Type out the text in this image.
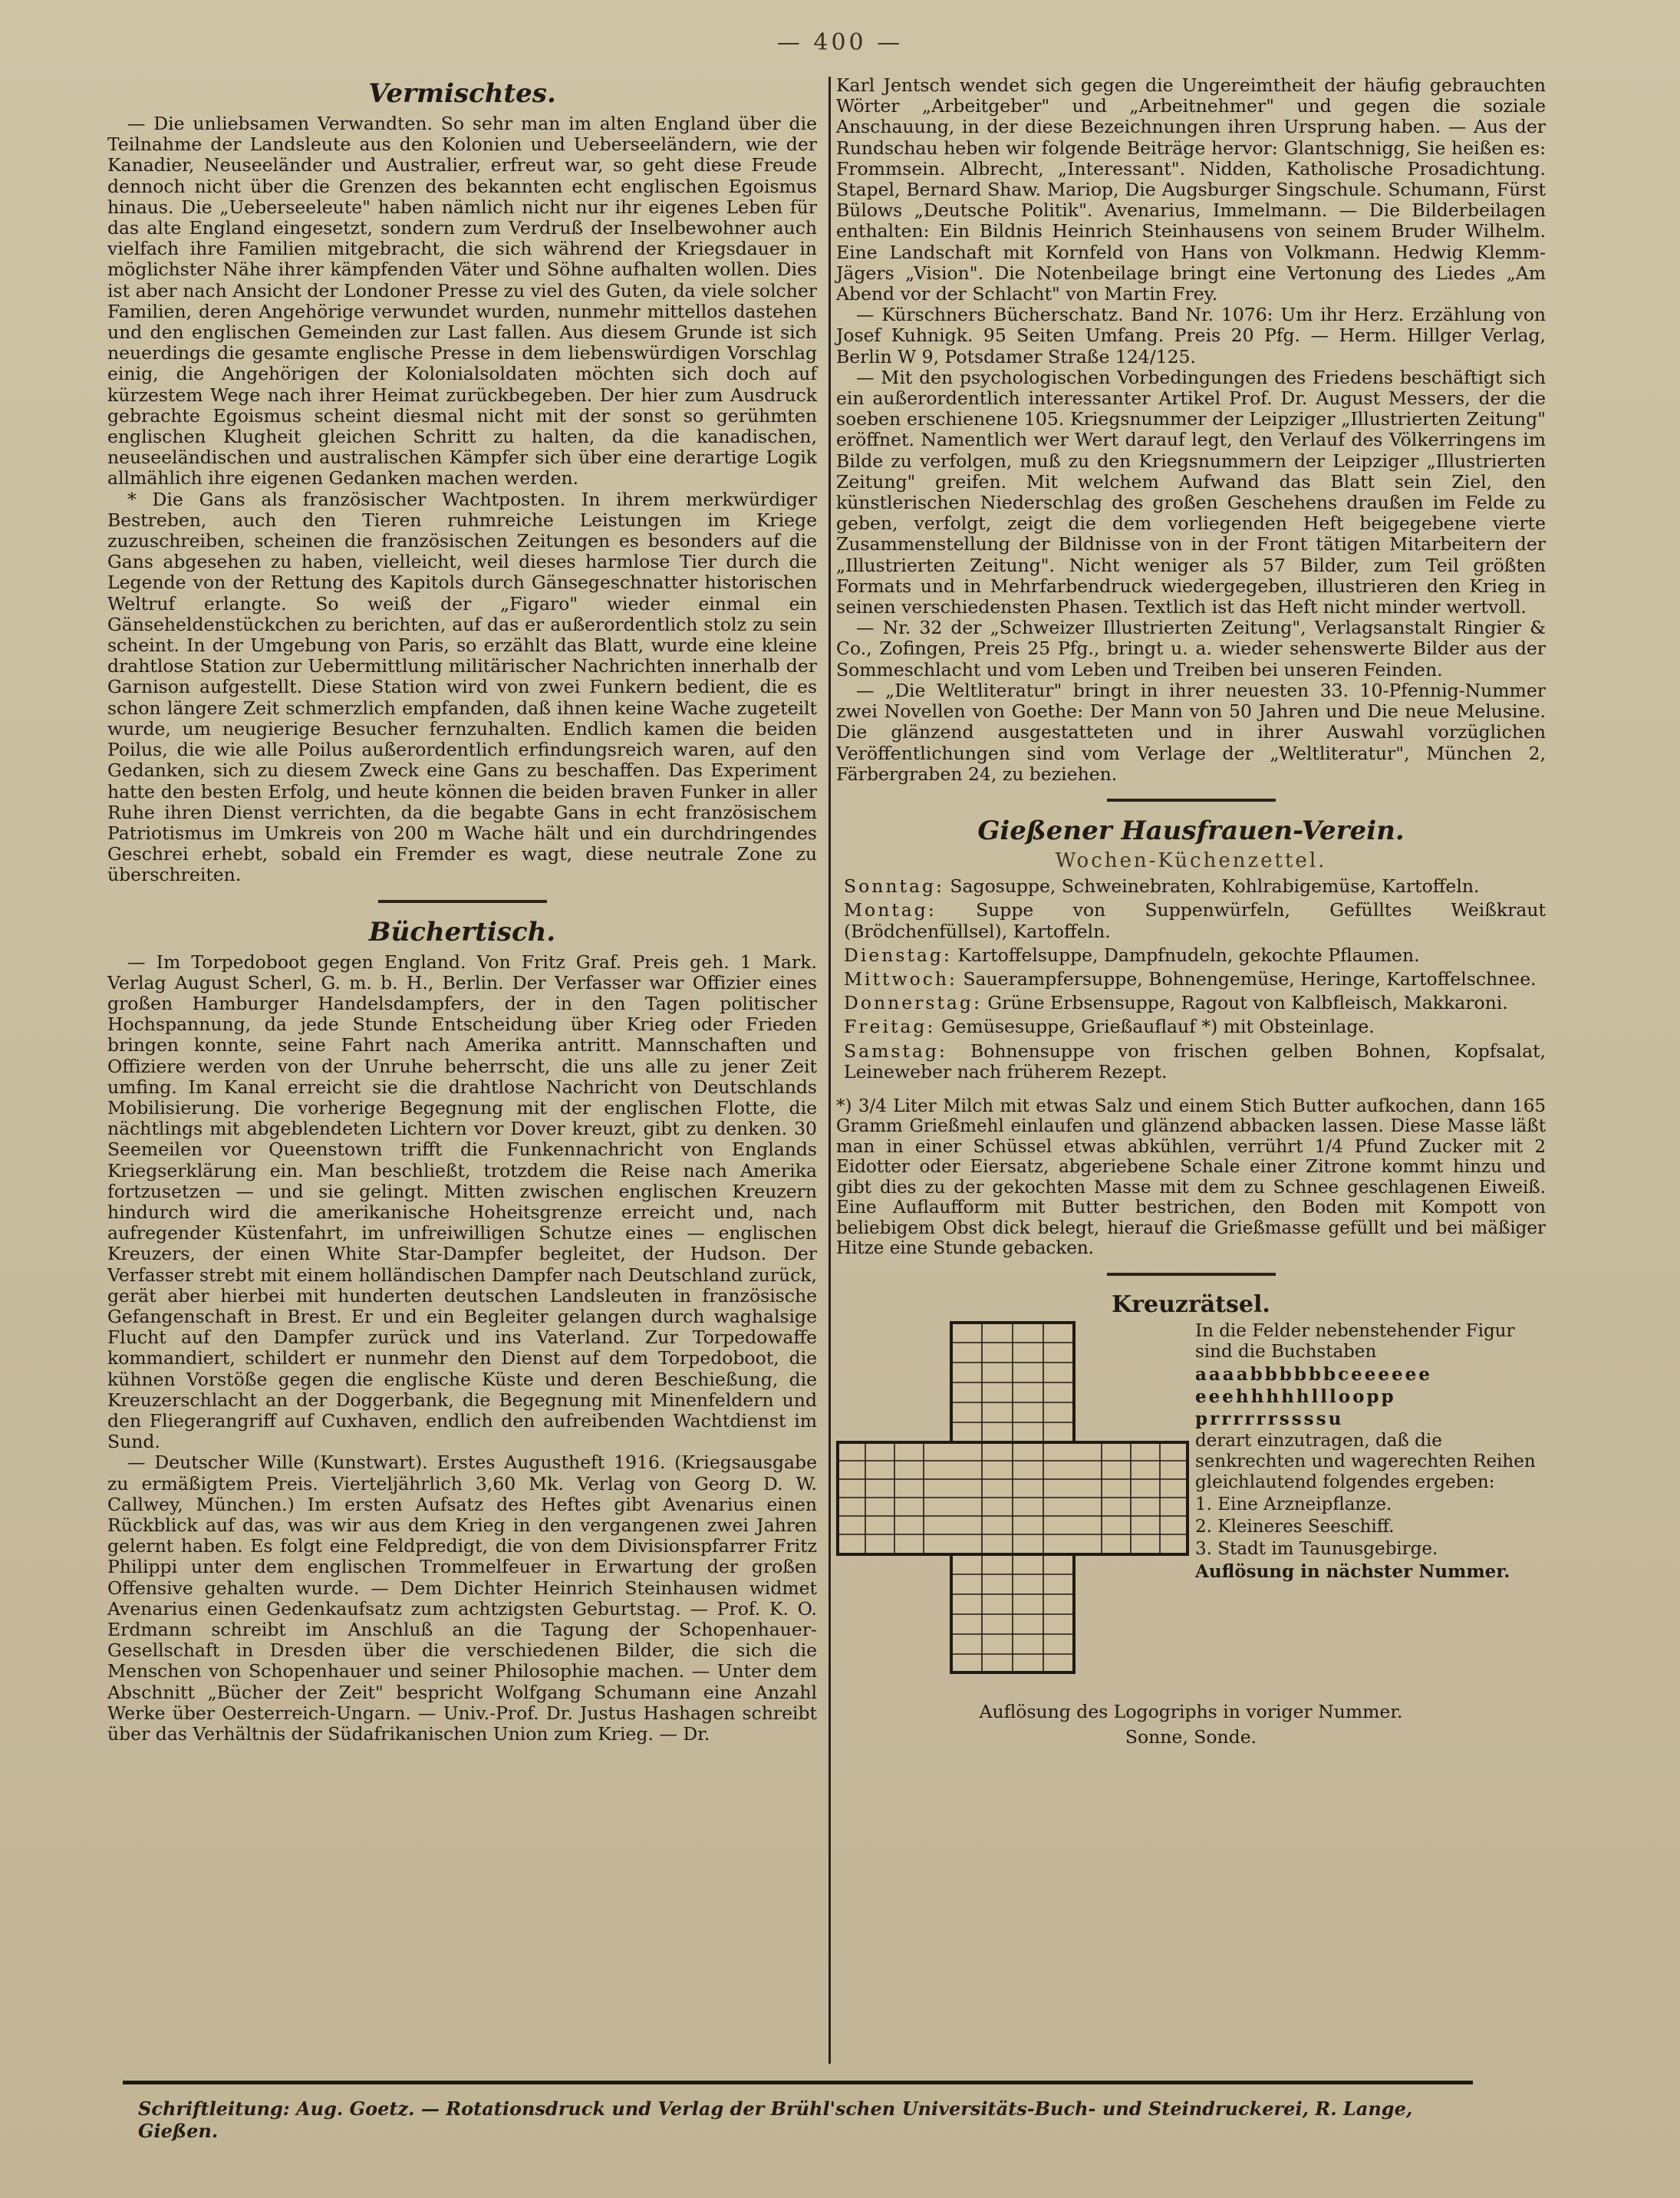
— 400 —
Vermischtes.

— Die unliebsamen Verwandten. So sehr man im alten England über die Teilnahme der Landsleute aus den Kolonien und Ueberseeländern, wie der Kanadier, Neuseeländer und Australier, erfreut war, so geht diese Freude dennoch nicht über die Grenzen des bekannten echt englischen Egoismus hinaus. Die „Ueberseeleute" haben nämlich nicht nur ihr eigenes Leben für das alte England eingesetzt, sondern zum Verdruß der Inselbewohner auch vielfach ihre Familien mitgebracht, die sich während der Kriegsdauer in möglichster Nähe ihrer kämpfenden Väter und Söhne aufhalten wollen. Dies ist aber nach Ansicht der Londoner Presse zu viel des Guten, da viele solcher Familien, deren Angehörige verwundet wurden, nunmehr mittellos dastehen und den englischen Gemeinden zur Last fallen. Aus diesem Grunde ist sich neuerdings die gesamte englische Presse in dem liebenswürdigen Vorschlag einig, die Angehörigen der Kolonialsoldaten möchten sich doch auf kürzestem Wege nach ihrer Heimat zurückbegeben. Der hier zum Ausdruck gebrachte Egoismus scheint diesmal nicht mit der sonst so gerühmten englischen Klugheit gleichen Schritt zu halten, da die kanadischen, neuseeländischen und australischen Kämpfer sich über eine derartige Logik allmählich ihre eigenen Gedanken machen werden.

* Die Gans als französischer Wachtposten. In ihrem merkwürdiger Bestreben, auch den Tieren ruhmreiche Leistungen im Kriege zuzuschreiben, scheinen die französischen Zeitungen es besonders auf die Gans abgesehen zu haben, vielleicht, weil dieses harmlose Tier durch die Legende von der Rettung des Kapitols durch Gänsegeschnatter historischen Weltruf erlangte. So weiß der „Figaro" wieder einmal ein Gänseheldenstückchen zu berichten, auf das er außerordentlich stolz zu sein scheint. In der Umgebung von Paris, so erzählt das Blatt, wurde eine kleine drahtlose Station zur Uebermittlung militärischer Nachrichten innerhalb der Garnison aufgestellt. Diese Station wird von zwei Funkern bedient, die es schon längere Zeit schmerzlich empfanden, daß ihnen keine Wache zugeteilt wurde, um neugierige Besucher fernzuhalten. Endlich kamen die beiden Poilus, die wie alle Poilus außerordentlich erfindungsreich waren, auf den Gedanken, sich zu diesem Zweck eine Gans zu beschaffen. Das Experiment hatte den besten Erfolg, und heute können die beiden braven Funker in aller Ruhe ihren Dienst verrichten, da die begabte Gans in echt französischem Patriotismus im Umkreis von 200 m Wache hält und ein durchdringendes Geschrei erhebt, sobald ein Fremder es wagt, diese neutrale Zone zu überschreiten.

Büchertisch.

— Im Torpedoboot gegen England. Von Fritz Graf. Preis geh. 1 Mark. Verlag August Scherl, G. m. b. H., Berlin. Der Verfasser war Offizier eines großen Hamburger Handelsdampfers, der in den Tagen politischer Hochspannung, da jede Stunde Entscheidung über Krieg oder Frieden bringen konnte, seine Fahrt nach Amerika antritt. Mannschaften und Offiziere werden von der Unruhe beherrscht, die uns alle zu jener Zeit umfing. Im Kanal erreicht sie die drahtlose Nachricht von Deutschlands Mobilisierung. Die vorherige Begegnung mit der englischen Flotte, die nächtlings mit abgeblendeten Lichtern vor Dover kreuzt, gibt zu denken. 30 Seemeilen vor Queenstown trifft die Funkennachricht von Englands Kriegserklärung ein. Man beschließt, trotzdem die Reise nach Amerika fortzusetzen — und sie gelingt. Mitten zwischen englischen Kreuzern hindurch wird die amerikanische Hoheitsgrenze erreicht und, nach aufregender Küstenfahrt, im unfreiwilligen Schutze eines — englischen Kreuzers, der einen White Star-Dampfer begleitet, der Hudson. Der Verfasser strebt mit einem holländischen Dampfer nach Deutschland zurück, gerät aber hierbei mit hunderten deutschen Landsleuten in französische Gefangenschaft in Brest. Er und ein Begleiter gelangen durch waghalsige Flucht auf den Dampfer zurück und ins Vaterland. Zur Torpedowaffe kommandiert, schildert er nunmehr den Dienst auf dem Torpedoboot, die kühnen Vorstöße gegen die englische Küste und deren Beschießung, die Kreuzerschlacht an der Doggerbank, die Begegnung mit Minenfeldern und den Fliegerangriff auf Cuxhaven, endlich den aufreibenden Wachtdienst im Sund.

— Deutscher Wille (Kunstwart). Erstes Augustheft 1916. (Kriegsausgabe zu ermäßigtem Preis. Vierteljährlich 3,60 Mk. Verlag von Georg D. W. Callwey, München.) Im ersten Aufsatz des Heftes gibt Avenarius einen Rückblick auf das, was wir aus dem Krieg in den vergangenen zwei Jahren gelernt haben. Es folgt eine Feldpredigt, die von dem Divisionspfarrer Fritz Philippi unter dem englischen Trommelfeuer in Erwartung der großen Offensive gehalten wurde. — Dem Dichter Heinrich Steinhausen widmet Avenarius einen Gedenkaufsatz zum achtzigsten Geburtstag. — Prof. K. O. Erdmann schreibt im Anschluß an die Tagung der Schopenhauer-Gesellschaft in Dresden über die verschiedenen Bilder, die sich die Menschen von Schopenhauer und seiner Philosophie machen. — Unter dem Abschnitt „Bücher der Zeit" bespricht Wolfgang Schumann eine Anzahl Werke über Oesterreich-Ungarn. — Univ.-Prof. Dr. Justus Hashagen schreibt über das Verhältnis der Südafrikanischen Union zum Krieg. — Dr.

Karl Jentsch wendet sich gegen die Ungereimtheit der häufig gebrauchten Wörter „Arbeitgeber" und „Arbeitnehmer" und gegen die soziale Anschauung, in der diese Bezeichnungen ihren Ursprung haben. — Aus der Rundschau heben wir folgende Beiträge hervor: Glantschnigg, Sie heißen es: Frommsein. Albrecht, „Interessant". Nidden, Katholische Prosadichtung. Stapel, Bernard Shaw. Mariop, Die Augsburger Singschule. Schumann, Fürst Bülows „Deutsche Politik". Avenarius, Immelmann. — Die Bilderbeilagen enthalten: Ein Bildnis Heinrich Steinhausens von seinem Bruder Wilhelm. Eine Landschaft mit Kornfeld von Hans von Volkmann. Hedwig Klemm-Jägers „Vision". Die Notenbeilage bringt eine Vertonung des Liedes „Am Abend vor der Schlacht" von Martin Frey.

— Kürschners Bücherschatz. Band Nr. 1076: Um ihr Herz. Erzählung von Josef Kuhnigk. 95 Seiten Umfang. Preis 20 Pfg. — Herm. Hillger Verlag, Berlin W 9, Potsdamer Straße 124/125.

— Mit den psychologischen Vorbedingungen des Friedens beschäftigt sich ein außerordentlich interessanter Artikel Prof. Dr. August Messers, der die soeben erschienene 105. Kriegsnummer der Leipziger „Illustrierten Zeitung" eröffnet. Namentlich wer Wert darauf legt, den Verlauf des Völkerringens im Bilde zu verfolgen, muß zu den Kriegsnummern der Leipziger „Illustrierten Zeitung" greifen. Mit welchem Aufwand das Blatt sein Ziel, den künstlerischen Niederschlag des großen Geschehens draußen im Felde zu geben, verfolgt, zeigt die dem vorliegenden Heft beigegebene vierte Zusammenstellung der Bildnisse von in der Front tätigen Mitarbeitern der „Illustrierten Zeitung". Nicht weniger als 57 Bilder, zum Teil größten Formats und in Mehrfarbendruck wiedergegeben, illustrieren den Krieg in seinen verschiedensten Phasen. Textlich ist das Heft nicht minder wertvoll.

— Nr. 32 der „Schweizer Illustrierten Zeitung", Verlagsanstalt Ringier & Co., Zofingen, Preis 25 Pfg., bringt u. a. wieder sehenswerte Bilder aus der Sommeschlacht und vom Leben und Treiben bei unseren Feinden.

— „Die Weltliteratur" bringt in ihrer neuesten 33. 10-Pfennig-Nummer zwei Novellen von Goethe: Der Mann von 50 Jahren und Die neue Melusine. Die glänzend ausgestatteten und in ihrer Auswahl vorzüglichen Veröffentlichungen sind vom Verlage der „Weltliteratur", München 2, Färbergraben 24, zu beziehen.

Gießener Hausfrauen-Verein.
Wochen-Küchenzettel.
Sonntag: Sagosuppe, Schweinebraten, Kohlrabigemüse, Kartoffeln.
Montag: Suppe von Suppenwürfeln, Gefülltes Weißkraut (Brödchenfüllsel), Kartoffeln.
Dienstag: Kartoffelsuppe, Dampfnudeln, gekochte Pflaumen.
Mittwoch: Sauerampfersuppe, Bohnengemüse, Heringe, Kartoffelschnee.
Donnerstag: Grüne Erbsensuppe, Ragout von Kalbfleisch, Makkaroni.
Freitag: Gemüsesuppe, Grießauflauf *) mit Obsteinlage.
Samstag: Bohnensuppe von frischen gelben Bohnen, Kopfsalat, Leineweber nach früherem Rezept.
*) 3/4 Liter Milch mit etwas Salz und einem Stich Butter aufkochen, dann 165 Gramm Grießmehl einlaufen und glänzend abbacken lassen. Diese Masse läßt man in einer Schüssel etwas abkühlen, verrührt 1/4 Pfund Zucker mit 2 Eidotter oder Eiersatz, abgeriebene Schale einer Zitrone kommt hinzu und gibt dies zu der gekochten Masse mit dem zu Schnee geschlagenen Eiweiß. Eine Auflaufform mit Butter bestrichen, den Boden mit Kompott von beliebigem Obst dick belegt, hierauf die Grießmasse gefüllt und bei mäßiger Hitze eine Stunde gebacken.
Kreuzrätsel.
In die Felder nebenstehender Figur sind die Buchstaben
aaaabbbbbbceeeeee
eeehhhhhllloopp
prrrrrrssssu
derart einzutragen, daß die senkrechten und wagerechten Reihen gleichlautend folgendes ergeben:
1. Eine Arzneipflanze.
2. Kleineres Seeschiff.
3. Stadt im Taunusgebirge.
Auflösung in nächster Nummer.
Auflösung des Logogriphs in voriger Nummer.
Sonne, Sonde.
Schriftleitung: Aug. Goetz. — Rotationsdruck und Verlag der Brühl'schen Universitäts-Buch- und Steindruckerei, R. Lange, Gießen.
